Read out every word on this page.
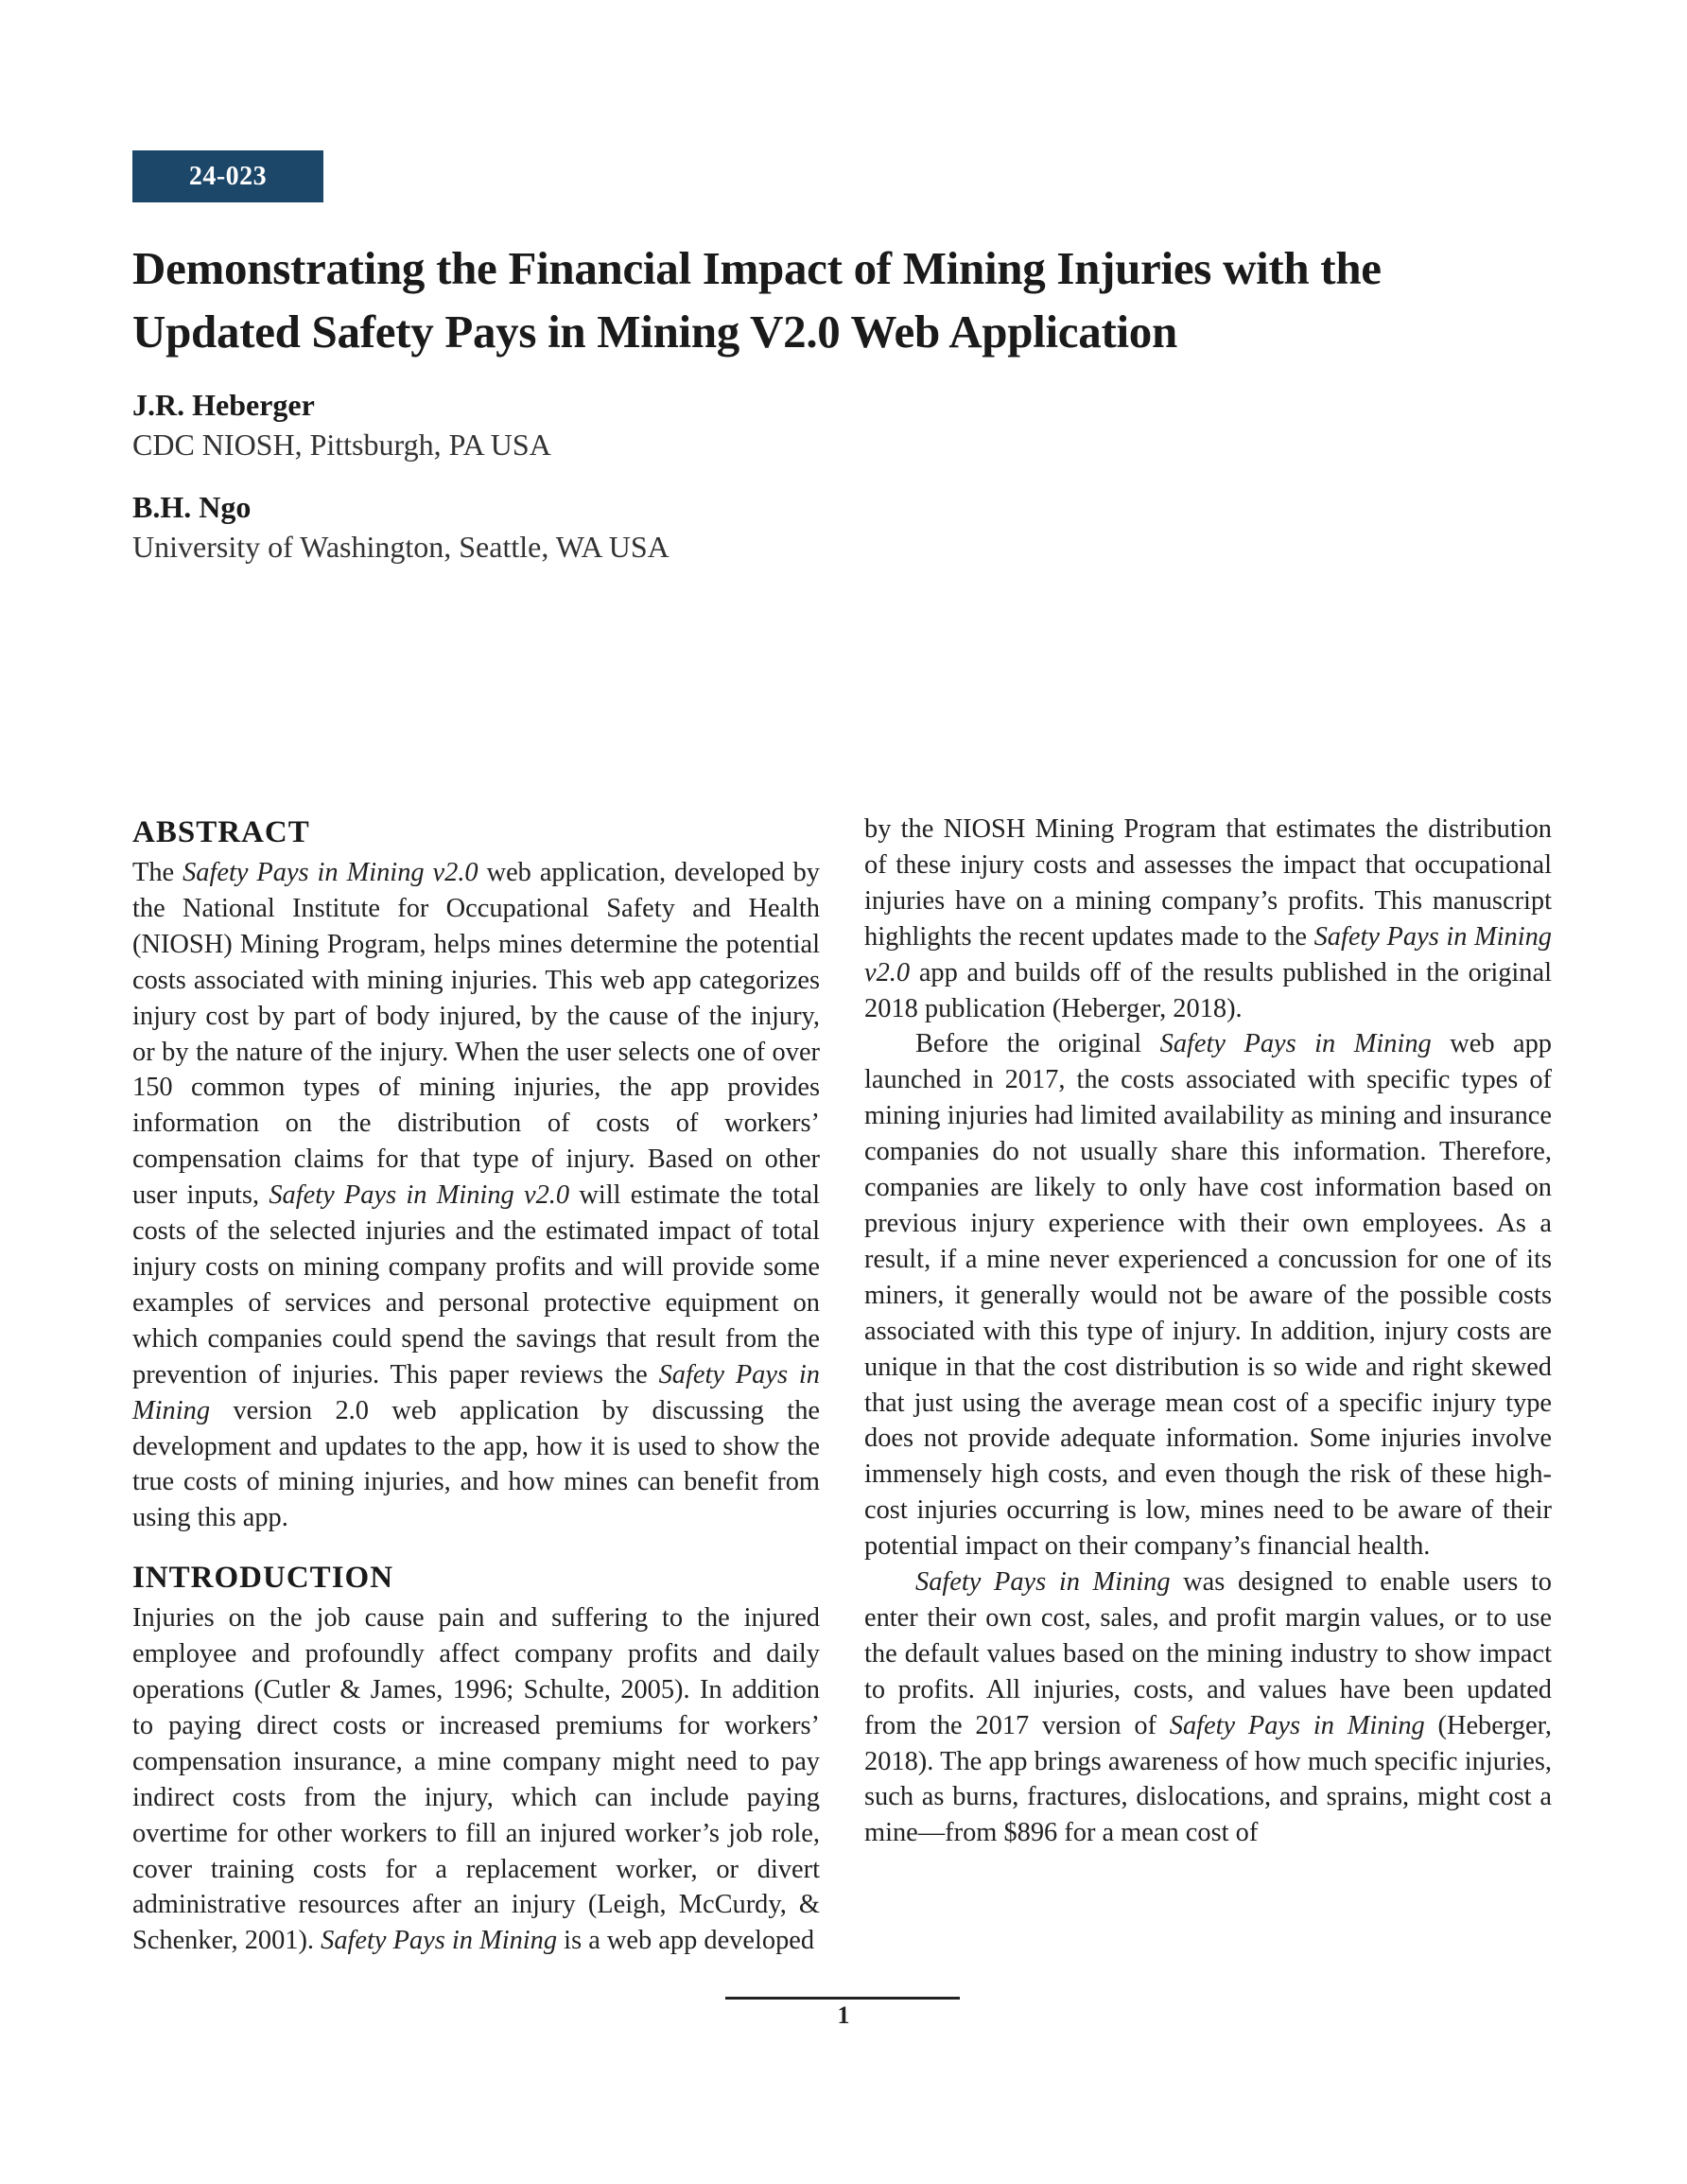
24-023
Demonstrating the Financial Impact of Mining Injuries with the Updated Safety Pays in Mining V2.0 Web Application
J.R. Heberger
CDC NIOSH, Pittsburgh, PA USA
B.H. Ngo
University of Washington, Seattle, WA USA
ABSTRACT

The Safety Pays in Mining v2.0 web application, developed by the National Institute for Occupational Safety and Health (NIOSH) Mining Program, helps mines determine the potential costs associated with mining injuries. This web app categorizes injury cost by part of body injured, by the cause of the injury, or by the nature of the injury. When the user selects one of over 150 common types of mining injuries, the app provides information on the distribution of costs of workers’ compensation claims for that type of injury. Based on other user inputs, Safety Pays in Mining v2.0 will estimate the total costs of the selected injuries and the estimated impact of total injury costs on mining company profits and will provide some examples of services and personal protective equipment on which companies could spend the savings that result from the prevention of injuries. This paper reviews the Safety Pays in Mining version 2.0 web application by discussing the development and updates to the app, how it is used to show the true costs of mining injuries, and how mines can benefit from using this app.

INTRODUCTION

Injuries on the job cause pain and suffering to the injured employee and profoundly affect company profits and daily operations (Cutler & James, 1996; Schulte, 2005). In addition to paying direct costs or increased premiums for workers’ compensation insurance, a mine company might need to pay indirect costs from the injury, which can include paying overtime for other workers to fill an injured worker’s job role, cover training costs for a replacement worker, or divert administrative resources after an injury (Leigh, McCurdy, & Schenker, 2001). Safety Pays in Mining is a web app developed

by the NIOSH Mining Program that estimates the distribution of these injury costs and assesses the impact that occupational injuries have on a mining company’s profits. This manuscript highlights the recent updates made to the Safety Pays in Mining v2.0 app and builds off of the results published in the original 2018 publication (Heberger, 2018).

Before the original Safety Pays in Mining web app launched in 2017, the costs associated with specific types of mining injuries had limited availability as mining and insurance companies do not usually share this information. Therefore, companies are likely to only have cost information based on previous injury experience with their own employees. As a result, if a mine never experienced a concussion for one of its miners, it generally would not be aware of the possible costs associated with this type of injury. In addition, injury costs are unique in that the cost distribution is so wide and right skewed that just using the average mean cost of a specific injury type does not provide adequate information. Some injuries involve immensely high costs, and even though the risk of these high-cost injuries occurring is low, mines need to be aware of their potential impact on their company’s financial health.

Safety Pays in Mining was designed to enable users to enter their own cost, sales, and profit margin values, or to use the default values based on the mining industry to show impact to profits. All injuries, costs, and values have been updated from the 2017 version of Safety Pays in Mining (Heberger, 2018). The app brings awareness of how much specific injuries, such as burns, fractures, dislocations, and sprains, might cost a mine—from $896 for a mean cost of

1
